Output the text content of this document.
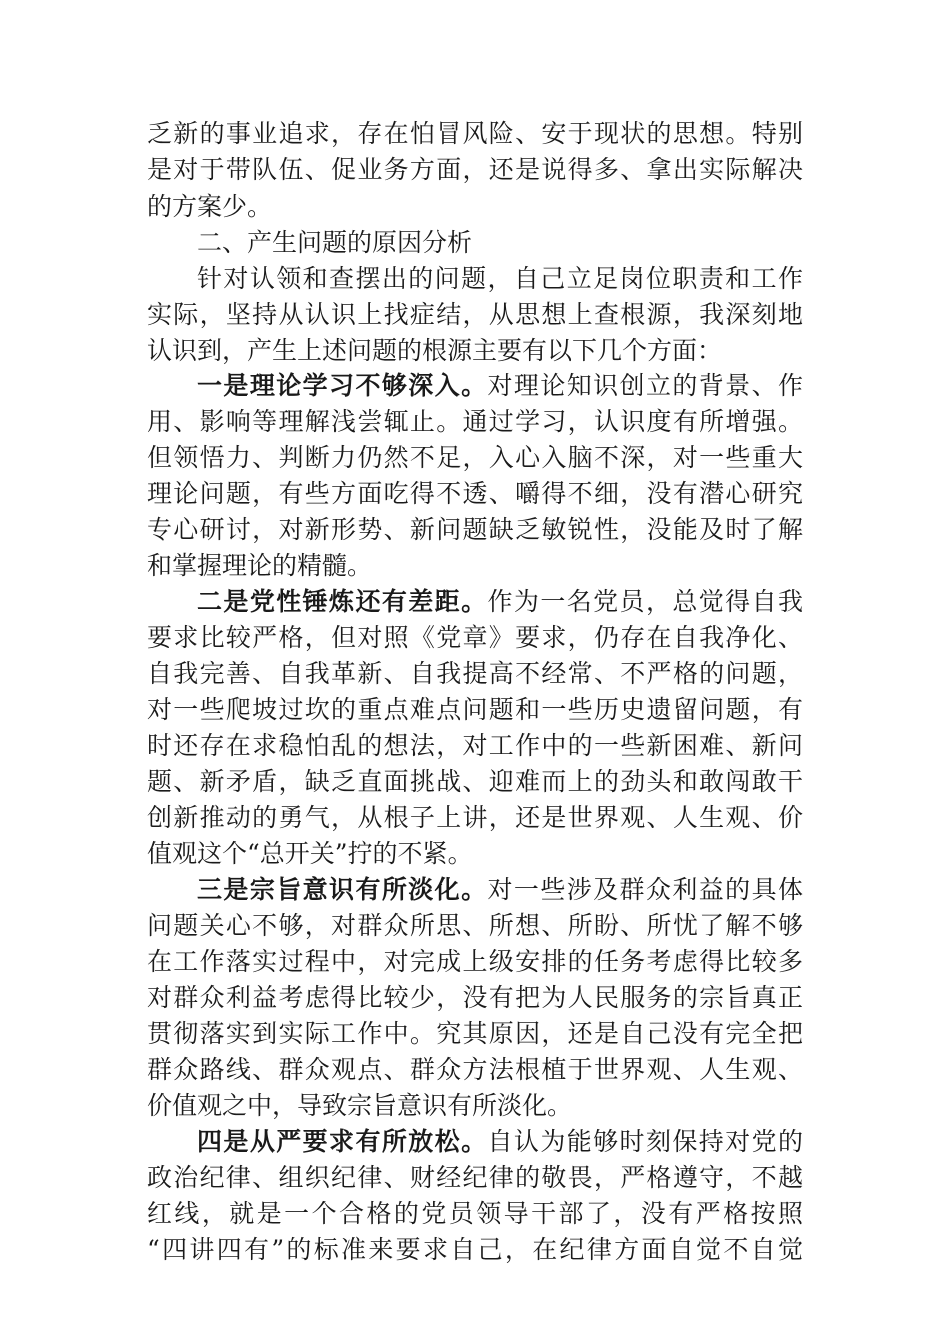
乏新的事业追求，存在怕冒风险、安于现状的思想。特别
是对于带队伍、促业务方面，还是说得多、拿出实际解决
的方案少。
二、产生问题的原因分析
针对认领和查摆出的问题，自己立足岗位职责和工作
实际，坚持从认识上找症结，从思想上查根源，我深刻地
认识到，产生上述问题的根源主要有以下几个方面：
一是理论学习不够深入。对理论知识创立的背景、作
用、影响等理解浅尝辄止。通过学习，认识度有所增强。
但领悟力、判断力仍然不足，入心入脑不深，对一些重大
理论问题，有些方面吃得不透、嚼得不细，没有潜心研究
专心研讨，对新形势、新问题缺乏敏锐性，没能及时了解
和掌握理论的精髓。
二是党性锤炼还有差距。作为一名党员，总觉得自我
要求比较严格，但对照《党章》要求，仍存在自我净化、
自我完善、自我革新、自我提高不经常、不严格的问题，
对一些爬坡过坎的重点难点问题和一些历史遗留问题，有
时还存在求稳怕乱的想法，对工作中的一些新困难、新问
题、新矛盾，缺乏直面挑战、迎难而上的劲头和敢闯敢干
创新推动的勇气，从根子上讲，还是世界观、人生观、价
值观这个“总开关”拧的不紧。
三是宗旨意识有所淡化。对一些涉及群众利益的具体
问题关心不够，对群众所思、所想、所盼、所忧了解不够
在工作落实过程中，对完成上级安排的任务考虑得比较多
对群众利益考虑得比较少，没有把为人民服务的宗旨真正
贯彻落实到实际工作中。究其原因，还是自己没有完全把
群众路线、群众观点、群众方法根植于世界观、人生观、
价值观之中，导致宗旨意识有所淡化。
四是从严要求有所放松。自认为能够时刻保持对党的
政治纪律、组织纪律、财经纪律的敬畏，严格遵守，不越
红线，就是一个合格的党员领导干部了，没有严格按照
“四讲四有”的标准来要求自己，在纪律方面自觉不自觉
